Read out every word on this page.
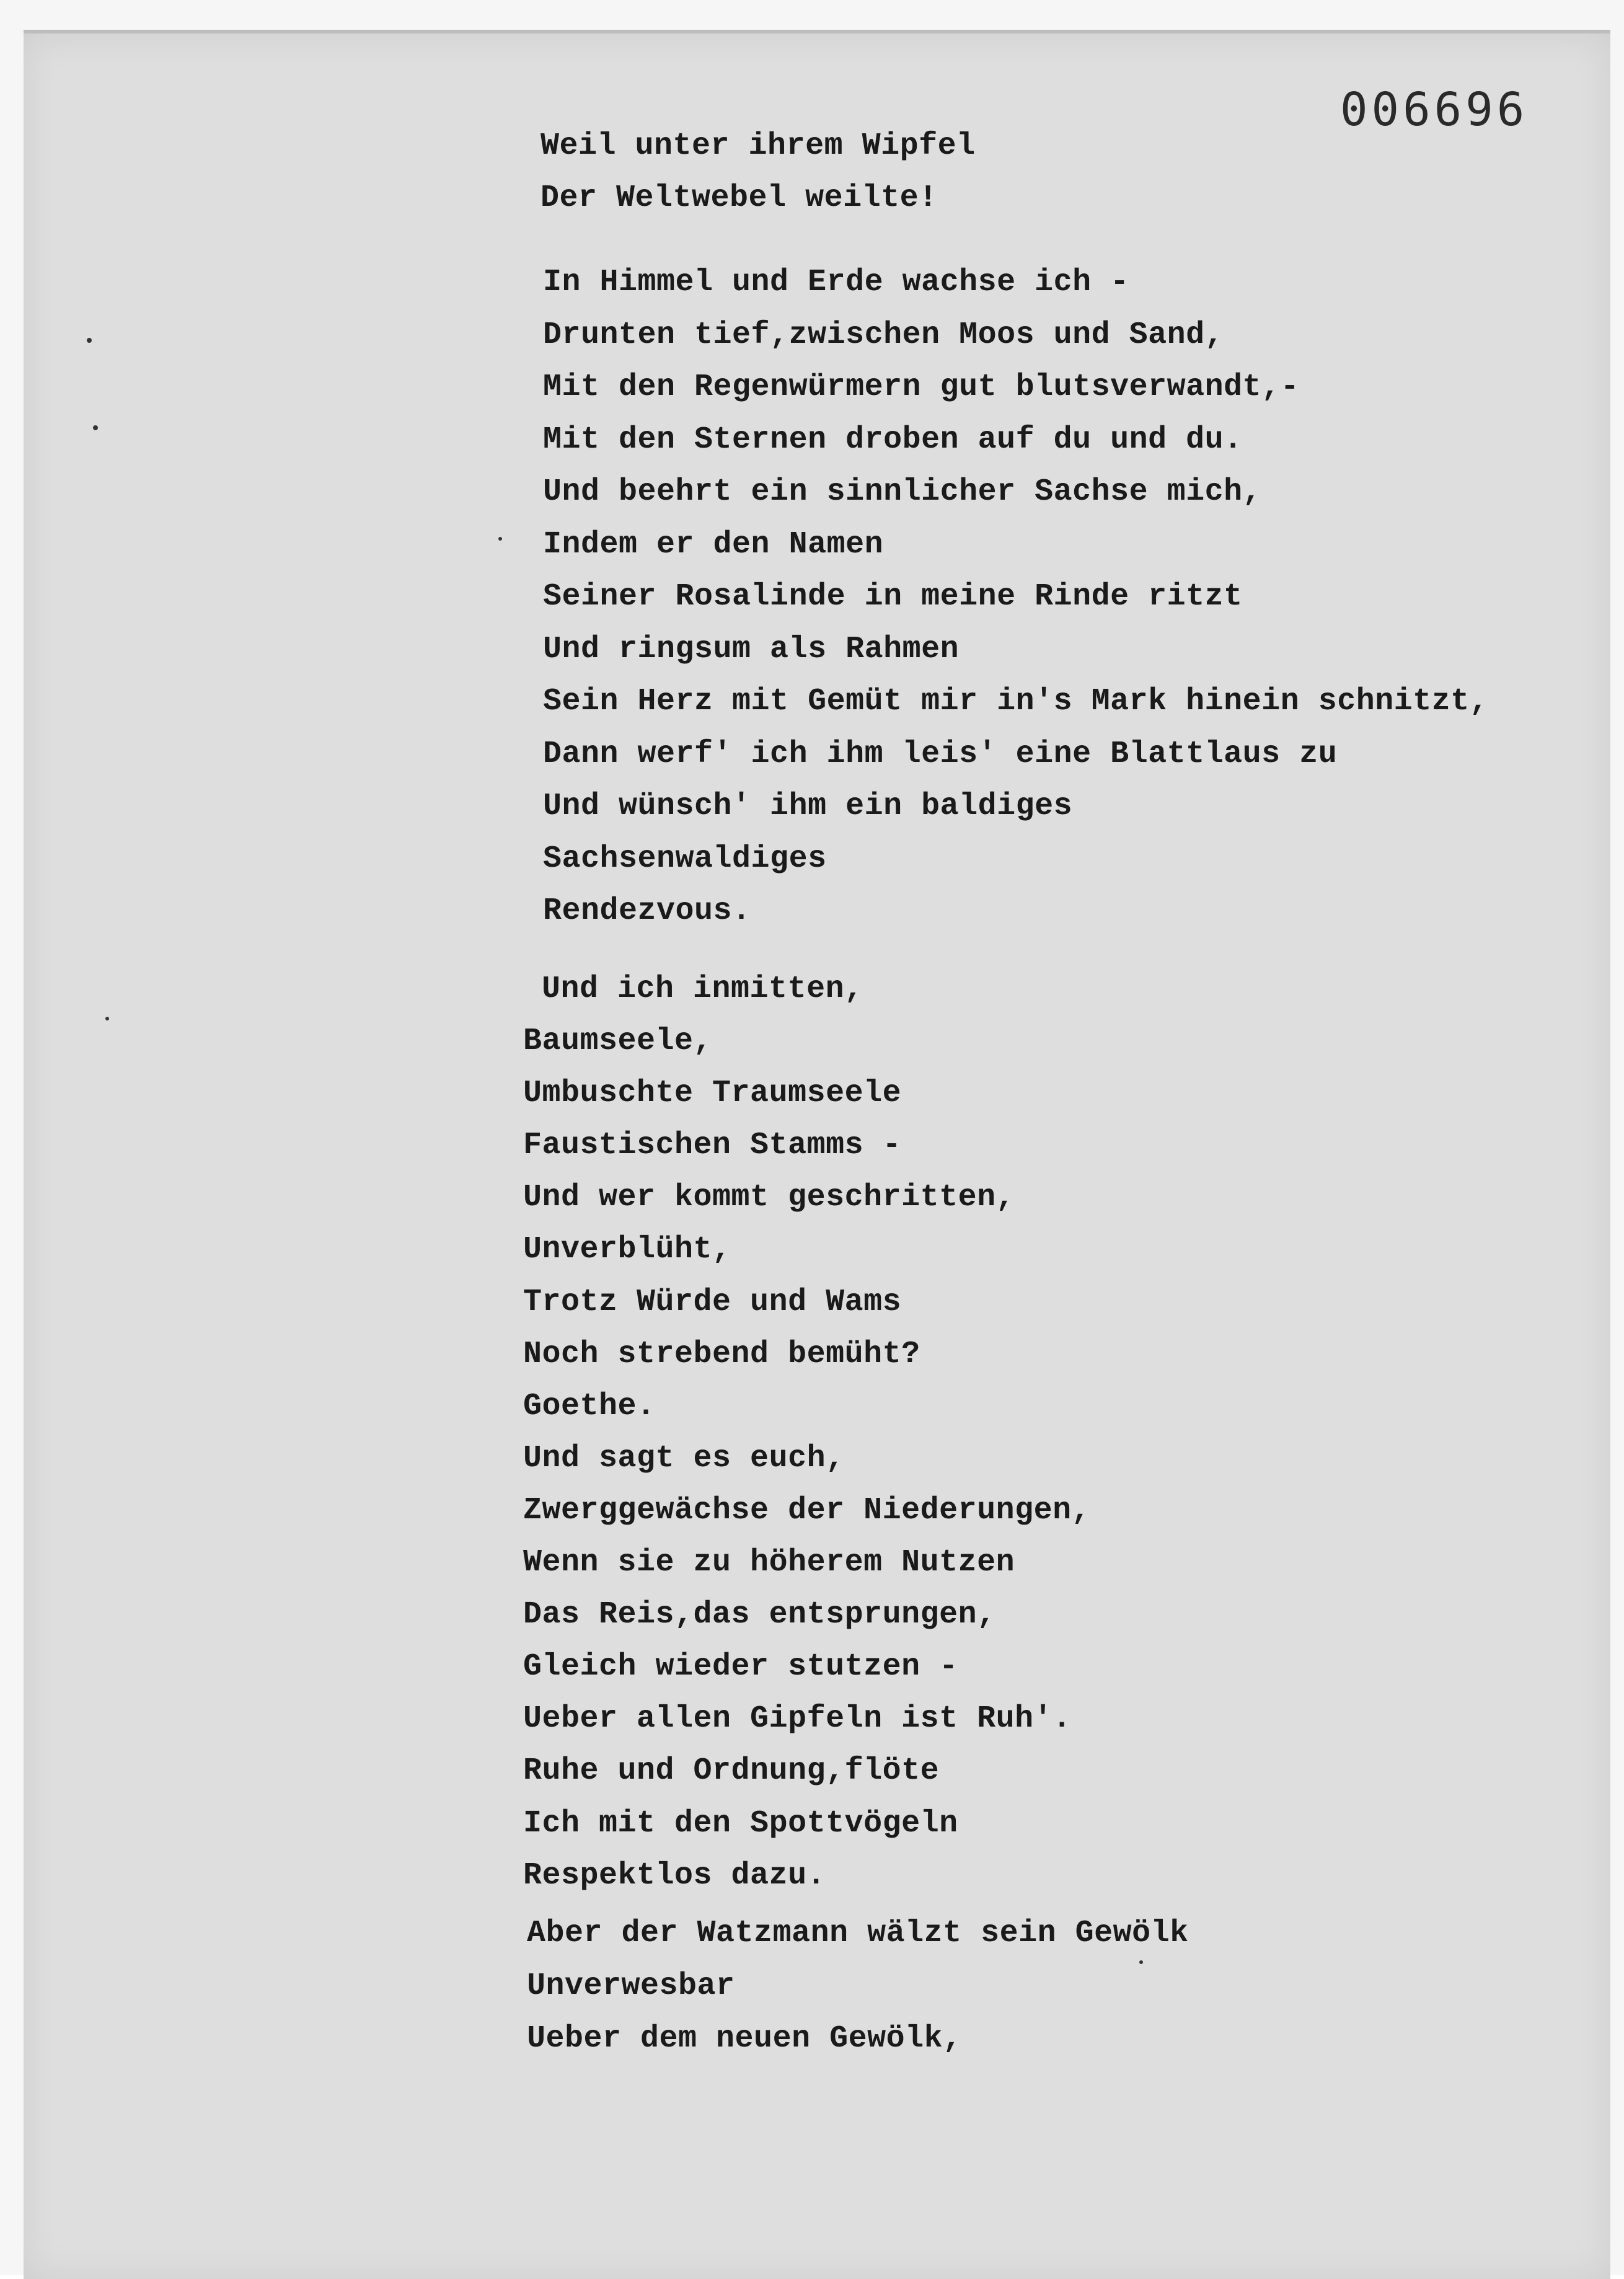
006696
Weil unter ihrem Wipfel
Der Weltwebel weilte!
In Himmel und Erde wachse ich -
Drunten tief,zwischen Moos und Sand,
Mit den Regenwürmern gut blutsverwandt,-
Mit den Sternen droben auf du und du.
Und beehrt ein sinnlicher Sachse mich,
Indem er den Namen
Seiner Rosalinde in meine Rinde ritzt
Und ringsum als Rahmen
Sein Herz mit Gemüt mir in's Mark hinein schnitzt,
Dann werf' ich ihm leis' eine Blattlaus zu
Und wünsch' ihm ein baldiges
Sachsenwaldiges
Rendezvous.
Und ich inmitten,
Baumseele,
Umbuschte Traumseele
Faustischen Stamms -
Und wer kommt geschritten,
Unverblüht,
Trotz Würde und Wams
Noch strebend bemüht?
Goethe.
Und sagt es euch,
Zwerggewächse der Niederungen,
Wenn sie zu höherem Nutzen
Das Reis,das entsprungen,
Gleich wieder stutzen -
Ueber allen Gipfeln ist Ruh'.
Ruhe und Ordnung,flöte
Ich mit den Spottvögeln
Respektlos dazu.
Aber der Watzmann wälzt sein Gewölk
Unverwesbar
Ueber dem neuen Gewölk,
